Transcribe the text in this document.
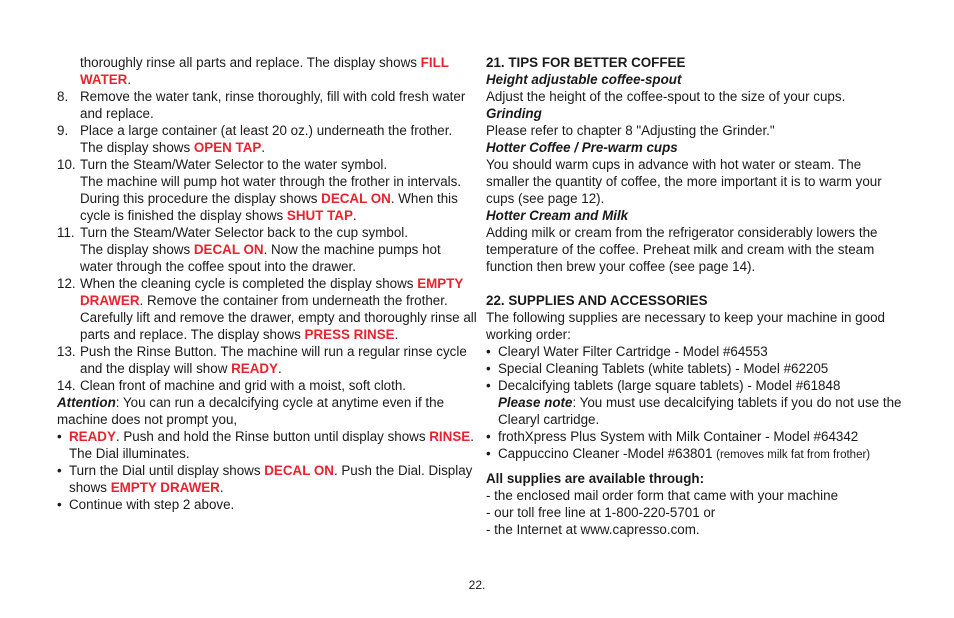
thoroughly rinse all parts and replace. The display shows FILL WATER.

8. Remove the water tank, rinse thoroughly, fill with cold fresh water and replace.

9. Place a large container (at least 20 oz.) underneath the frother. The display shows OPEN TAP.

10. Turn the Steam/Water Selector to the water symbol.
The machine will pump hot water through the frother in intervals. During this procedure the display shows DECAL ON. When this cycle is finished the display shows SHUT TAP.

11. Turn the Steam/Water Selector back to the cup symbol.
The display shows DECAL ON. Now the machine pumps hot water through the coffee spout into the drawer.

12. When the cleaning cycle is completed the display shows EMPTY DRAWER. Remove the container from underneath the frother. Carefully lift and remove the drawer, empty and thoroughly rinse all parts and replace. The display shows PRESS RINSE.

13. Push the Rinse Button. The machine will run a regular rinse cycle and the display will show READY.

14. Clean front of machine and grid with a moist, soft cloth.

Attention: You can run a decalcifying cycle at anytime even if the machine does not prompt you,

• READY. Push and hold the Rinse button until display shows RINSE. The Dial illuminates.

• Turn the Dial until display shows DECAL ON. Push the Dial. Display shows EMPTY DRAWER.

• Continue with step 2 above.

21. TIPS FOR BETTER COFFEE

Height adjustable coffee-spout

Adjust the height of the coffee-spout to the size of your cups.

Grinding

Please refer to chapter 8 "Adjusting the Grinder."

Hotter Coffee / Pre-warm cups

You should warm cups in advance with hot water or steam. The smaller the quantity of coffee, the more important it is to warm your cups (see page 12).

Hotter Cream and Milk

Adding milk or cream from the refrigerator considerably lowers the temperature of the coffee. Preheat milk and cream with the steam function then brew your coffee (see page 14).

22. SUPPLIES AND ACCESSORIES

The following supplies are necessary to keep your machine in good working order:

• Clearyl Water Filter Cartridge - Model #64553

• Special Cleaning Tablets (white tablets) - Model #62205

• Decalcifying tablets (large square tablets) - Model #61848
Please note: You must use decalcifying tablets if you do not use the Clearyl cartridge.

• frothXpress Plus System with Milk Container - Model #64342

• Cappuccino Cleaner -Model #63801 (removes milk fat from frother)

All supplies are available through:

- the enclosed mail order form that came with your machine

- our toll free line at 1-800-220-5701 or

- the Internet at www.capresso.com.

22.
